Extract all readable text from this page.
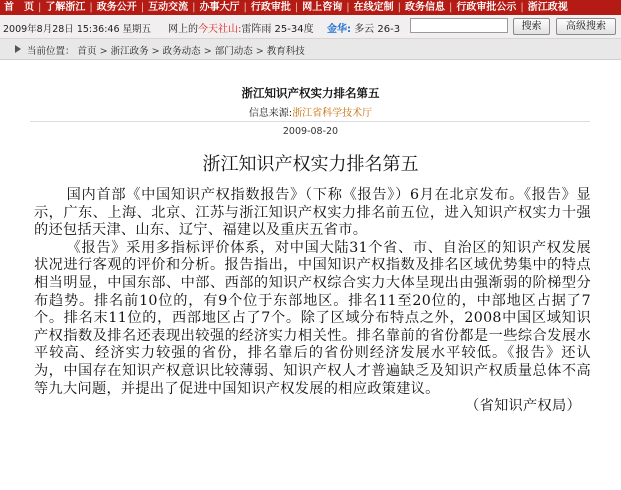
首　页 | 了解浙江 | 政务公开 | 互动交流 | 办事大厅 | 行政审批 | 网上咨询 | 在线定制 | 政务信息 | 行政审批公示 | 浙江政视
2009年8月28日 15:36:46 星期五 网上的今天社山:雷阵雨 25-34度 金华: 多云 26-3	搜索	高级搜索
当前位置： 首页 > 浙江政务 > 政务动态 > 部门动态 > 教育科技
浙江知识产权实力排名第五
信息来源:浙江省科学技术厅
2009-08-20
浙江知识产权实力排名第五

国内首部《中国知识产权指数报告》（下称《报告》）6月在北京发布。《报告》显示，广东、上海、北京、江苏与浙江知识产权实力排名前五位，进入知识产权实力十强的还包括天津、山东、辽宁、福建以及重庆五省市。

《报告》采用多指标评价体系，对中国大陆31个省、市、自治区的知识产权发展状况进行客观的评价和分析。报告指出，中国知识产权指数及排名区域优势集中的特点相当明显，中国东部、中部、西部的知识产权综合实力大体呈现出由强渐弱的阶梯型分布趋势。排名前10位的，有9个位于东部地区。排名11至20位的，中部地区占据了7个。排名末11位的，西部地区占了7个。除了区域分布特点之外，2008中国区域知识产权指数及排名还表现出较强的经济实力相关性。排名靠前的省份都是一些综合发展水平较高、经济实力较强的省份，排名靠后的省份则经济发展水平较低。《报告》还认为，中国存在知识产权意识比较薄弱、知识产权人才普遍缺乏及知识产权质量总体不高等九大问题，并提出了促进中国知识产权发展的相应政策建议。

（省知识产权局）
